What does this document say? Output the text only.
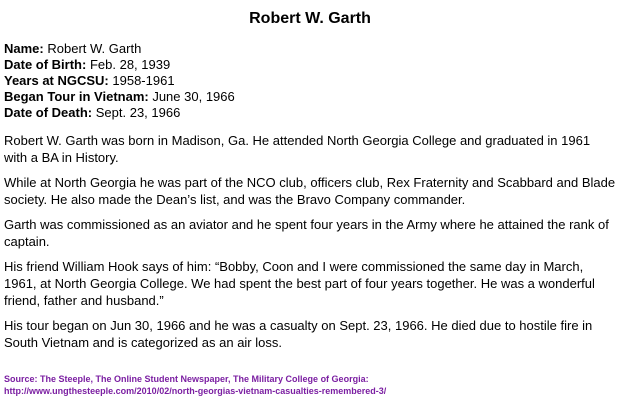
Robert W. Garth
Name: Robert W. Garth
Date of Birth: Feb. 28, 1939
Years at NGCSU: 1958-1961
Began Tour in Vietnam: June 30, 1966
Date of Death: Sept. 23, 1966
Robert W. Garth was born in Madison, Ga. He attended North Georgia College and graduated in 1961 with a BA in History.
While at North Georgia he was part of the NCO club, officers club, Rex Fraternity and Scabbard and Blade society. He also made the Dean’s list, and was the Bravo Company commander.
Garth was commissioned as an aviator and he spent four years in the Army where he attained the rank of captain.
His friend William Hook says of him: “Bobby, Coon and I were commissioned the same day in March, 1961, at North Georgia College. We had spent the best part of four years together. He was a wonderful friend, father and husband.”
His tour began on Jun 30, 1966 and he was a casualty on Sept. 23, 1966. He died due to hostile fire in South Vietnam and is categorized as an air loss.
Source: The Steeple, The Online Student Newspaper, The Military College of Georgia:
http://www.ungthesteeple.com/2010/02/north-georgias-vietnam-casualties-remembered-3/
